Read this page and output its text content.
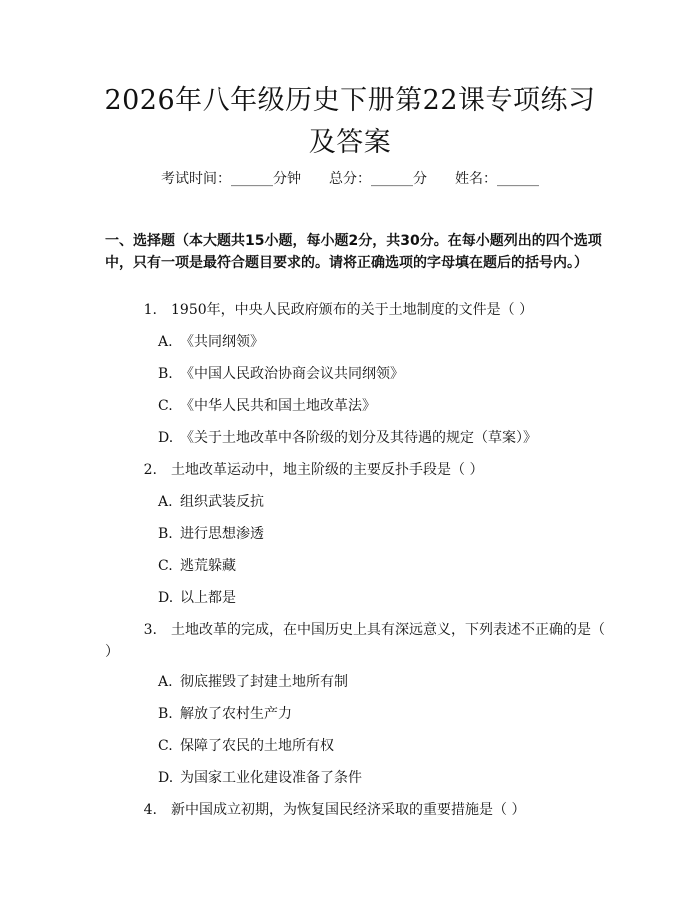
2026年八年级历史下册第22课专项练习及答案
考试时间：______分钟 总分：______分 姓名：______
一、选择题（本大题共15小题，每小题2分，共30分。在每小题列出的四个选项中，只有一项是最符合题目要求的。请将正确选项的字母填在题后的括号内。）
1. 1950年，中央人民政府颁布的关于土地制度的文件是（ ）
A. 《共同纲领》
B. 《中国人民政治协商会议共同纲领》
C. 《中华人民共和国土地改革法》
D. 《关于土地改革中各阶级的划分及其待遇的规定（草案）》
2. 土地改革运动中，地主阶级的主要反扑手段是（ ）
A. 组织武装反抗
B. 进行思想渗透
C. 逃荒躲藏
D. 以上都是
3. 土地改革的完成，在中国历史上具有深远意义，下列表述不正确的是（ ）
A. 彻底摧毁了封建土地所有制
B. 解放了农村生产力
C. 保障了农民的土地所有权
D. 为国家工业化建设准备了条件
4. 新中国成立初期，为恢复国民经济采取的重要措施是（ ）
